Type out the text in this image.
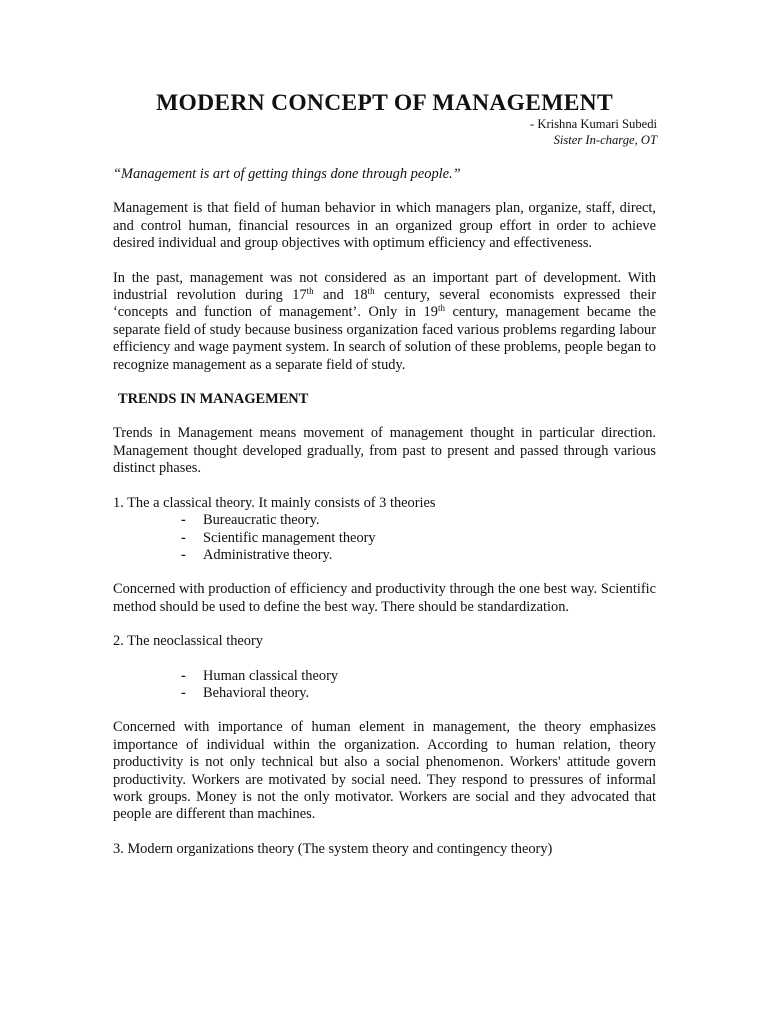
MODERN CONCEPT OF MANAGEMENT
- Krishna Kumari Subedi
Sister In-charge, OT

“Management is art of getting things done through people.”

Management is that field of human behavior in which managers plan, organize, staff, direct, and control human, financial resources in an organized group effort in order to achieve desired individual and group objectives with optimum efficiency and effectiveness.

In the past, management was not considered as an important part of development. With industrial revolution during 17th and 18th century, several economists expressed their ‘concepts and function of management’. Only in 19th century, management became the separate field of study because business organization faced various problems regarding labour efficiency and wage payment system. In search of solution of these problems, people began to recognize management as a separate field of study.

TRENDS IN MANAGEMENT

Trends in Management means movement of management thought in particular direction. Management thought developed gradually, from past to present and passed through various distinct phases.

1. The a classical theory. It mainly consists of 3 theories
- Bureaucratic theory.
- Scientific management theory
- Administrative theory.

Concerned with production of efficiency and productivity through the one best way. Scientific method should be used to define the best way. There should be standardization.

2. The neoclassical theory
- Human classical theory
- Behavioral theory.

Concerned with importance of human element in management, the theory emphasizes importance of individual within the organization. According to human relation, theory productivity is not only technical but also a social phenomenon. Workers' attitude govern productivity. Workers are motivated by social need. They respond to pressures of informal work groups. Money is not the only motivator. Workers are social and they advocated that people are different than machines.

3. Modern organizations theory (The system theory and contingency theory)
